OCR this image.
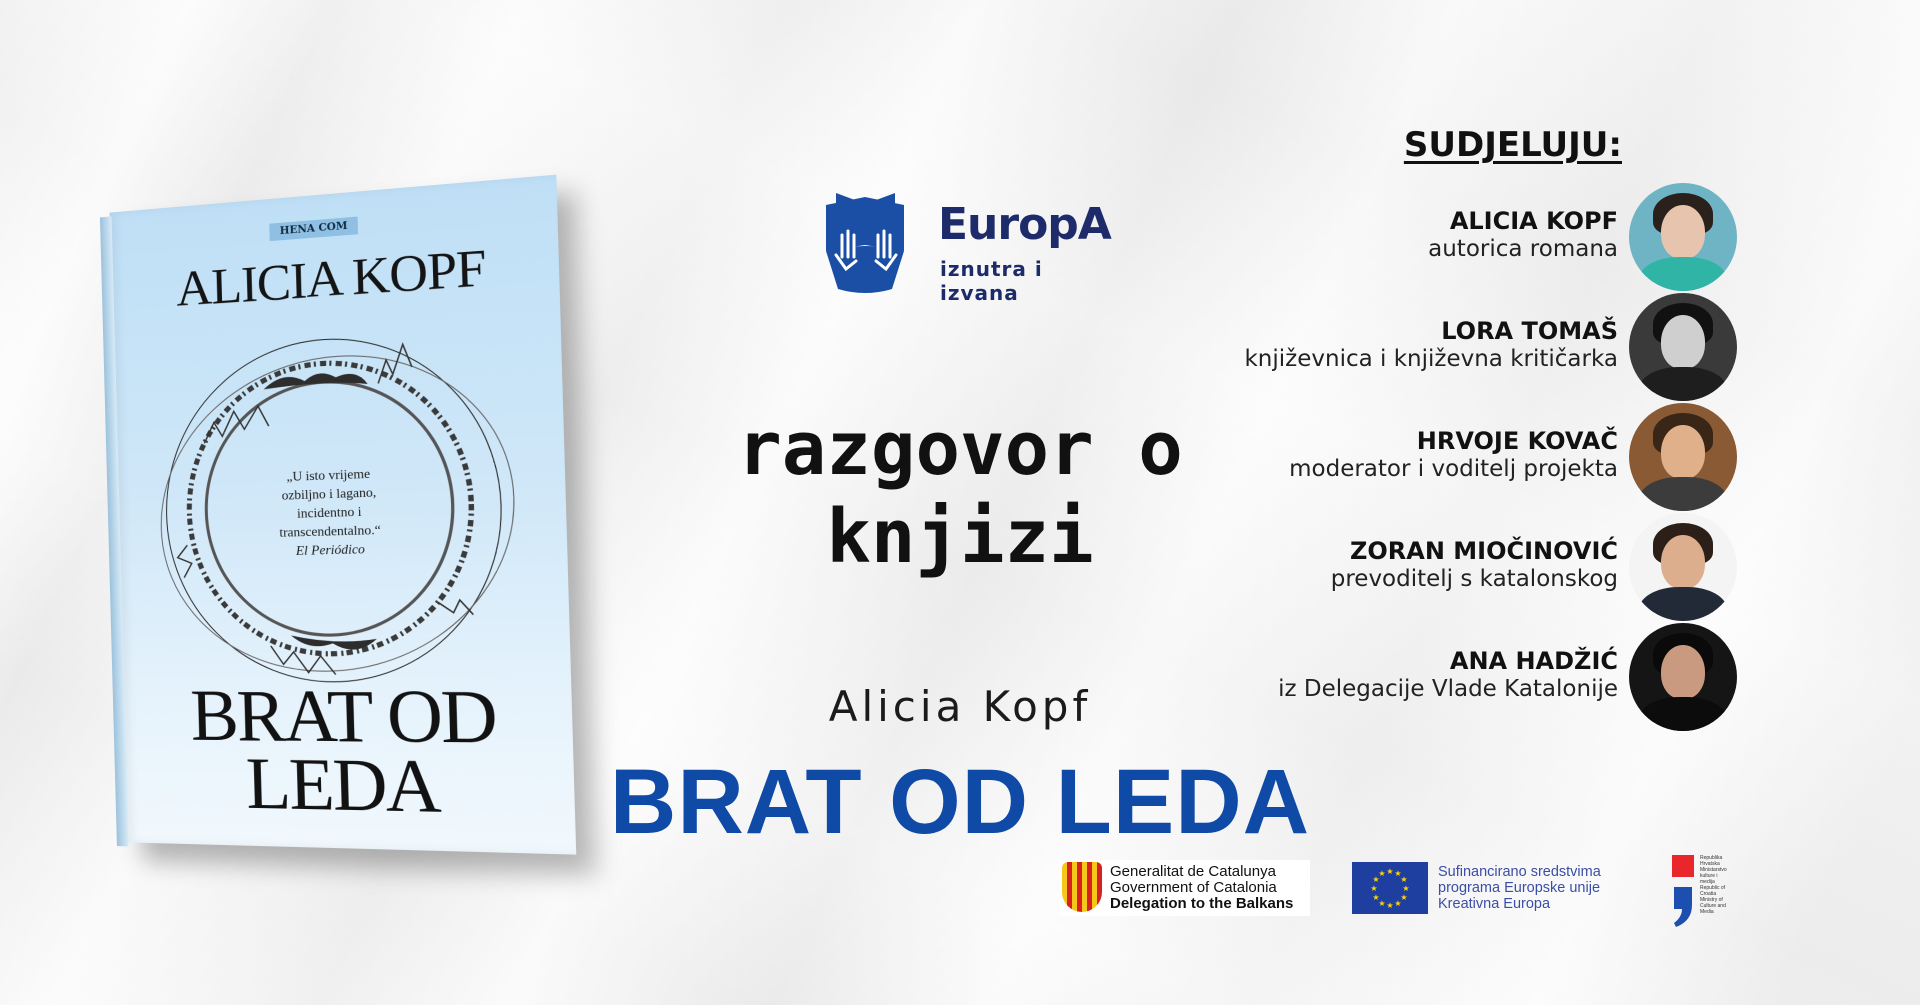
HENA COM
ALICIA KOPF
„U isto vrijeme
ozbiljno i lagano,
incidentno i
transcendentalno.“
El Periódico
BRAT OD
LEDA
EuropA
iznutra i izvana
razgovor o
knjizi
Alicia Kopf
BRAT OD LEDA
SUDJELUJU:
ALICIA KOPF
autorica romana
LORA TOMAŠ
književnica i književna kritičarka
HRVOJE KOVAČ
moderator i voditelj projekta
ZORAN MIOČINOVIĆ
prevoditelj s katalonskog
ANA HADŽIĆ
iz Delegacije Vlade Katalonije
Generalitat de Catalunya
Government of Catalonia
Delegation to the Balkans
★ ★
★
★
★
★
★
★
★
★
★
★	Sufinancirano sredstvima
programa Europske unije
Kreativna Europa
Republika Hrvatska Ministarstvo kulture i medija Republic of Croatia Ministry of Culture and Media
